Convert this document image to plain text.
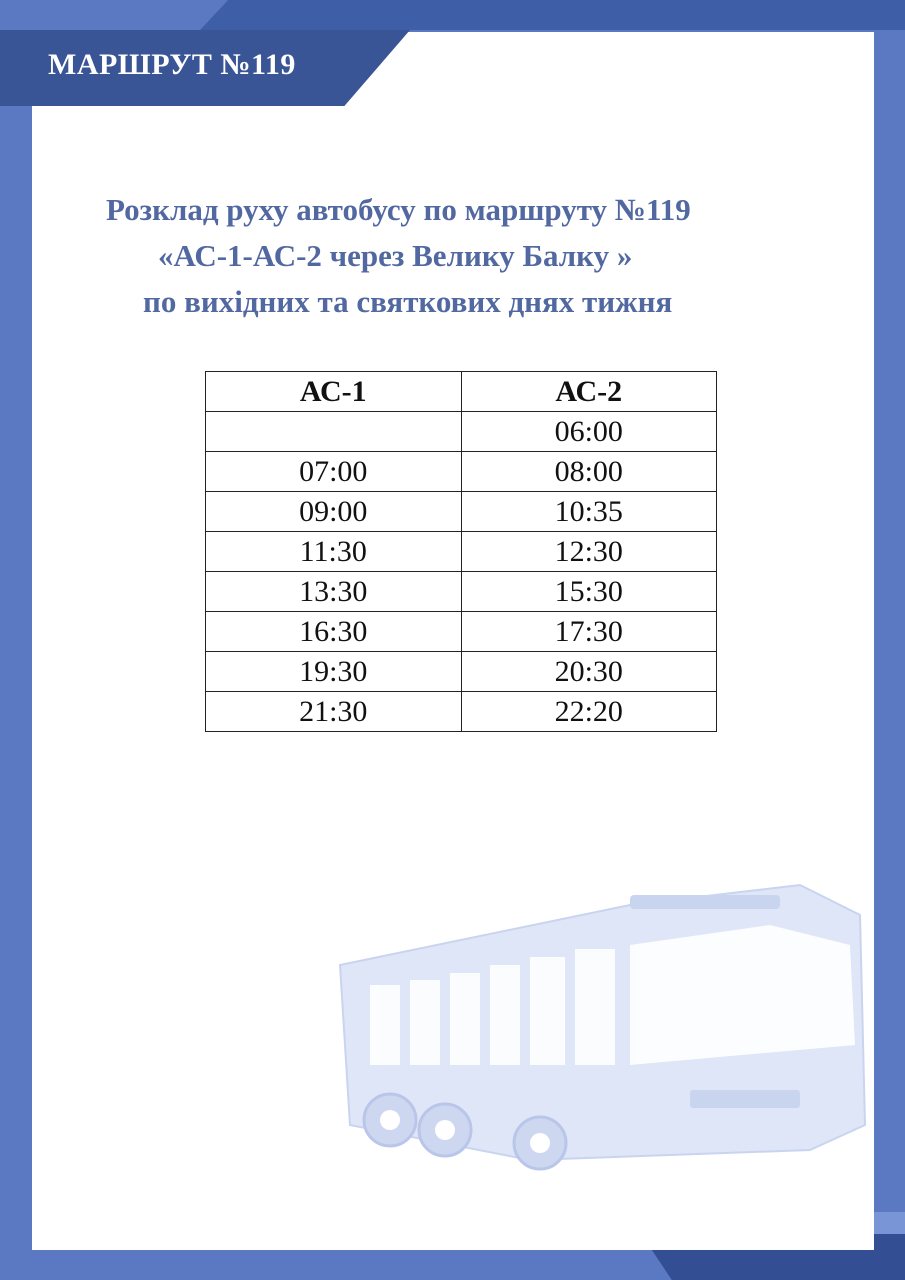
МАРШРУТ №119
Розклад руху автобусу по маршруту №119
«АС-1-АС-2 через Велику Балку »
по вихідних та святкових днях тижня
АС-1	АС-2
	06:00
07:00	08:00
09:00	10:35
11:30	12:30
13:30	15:30
16:30	17:30
19:30	20:30
21:30	22:20
